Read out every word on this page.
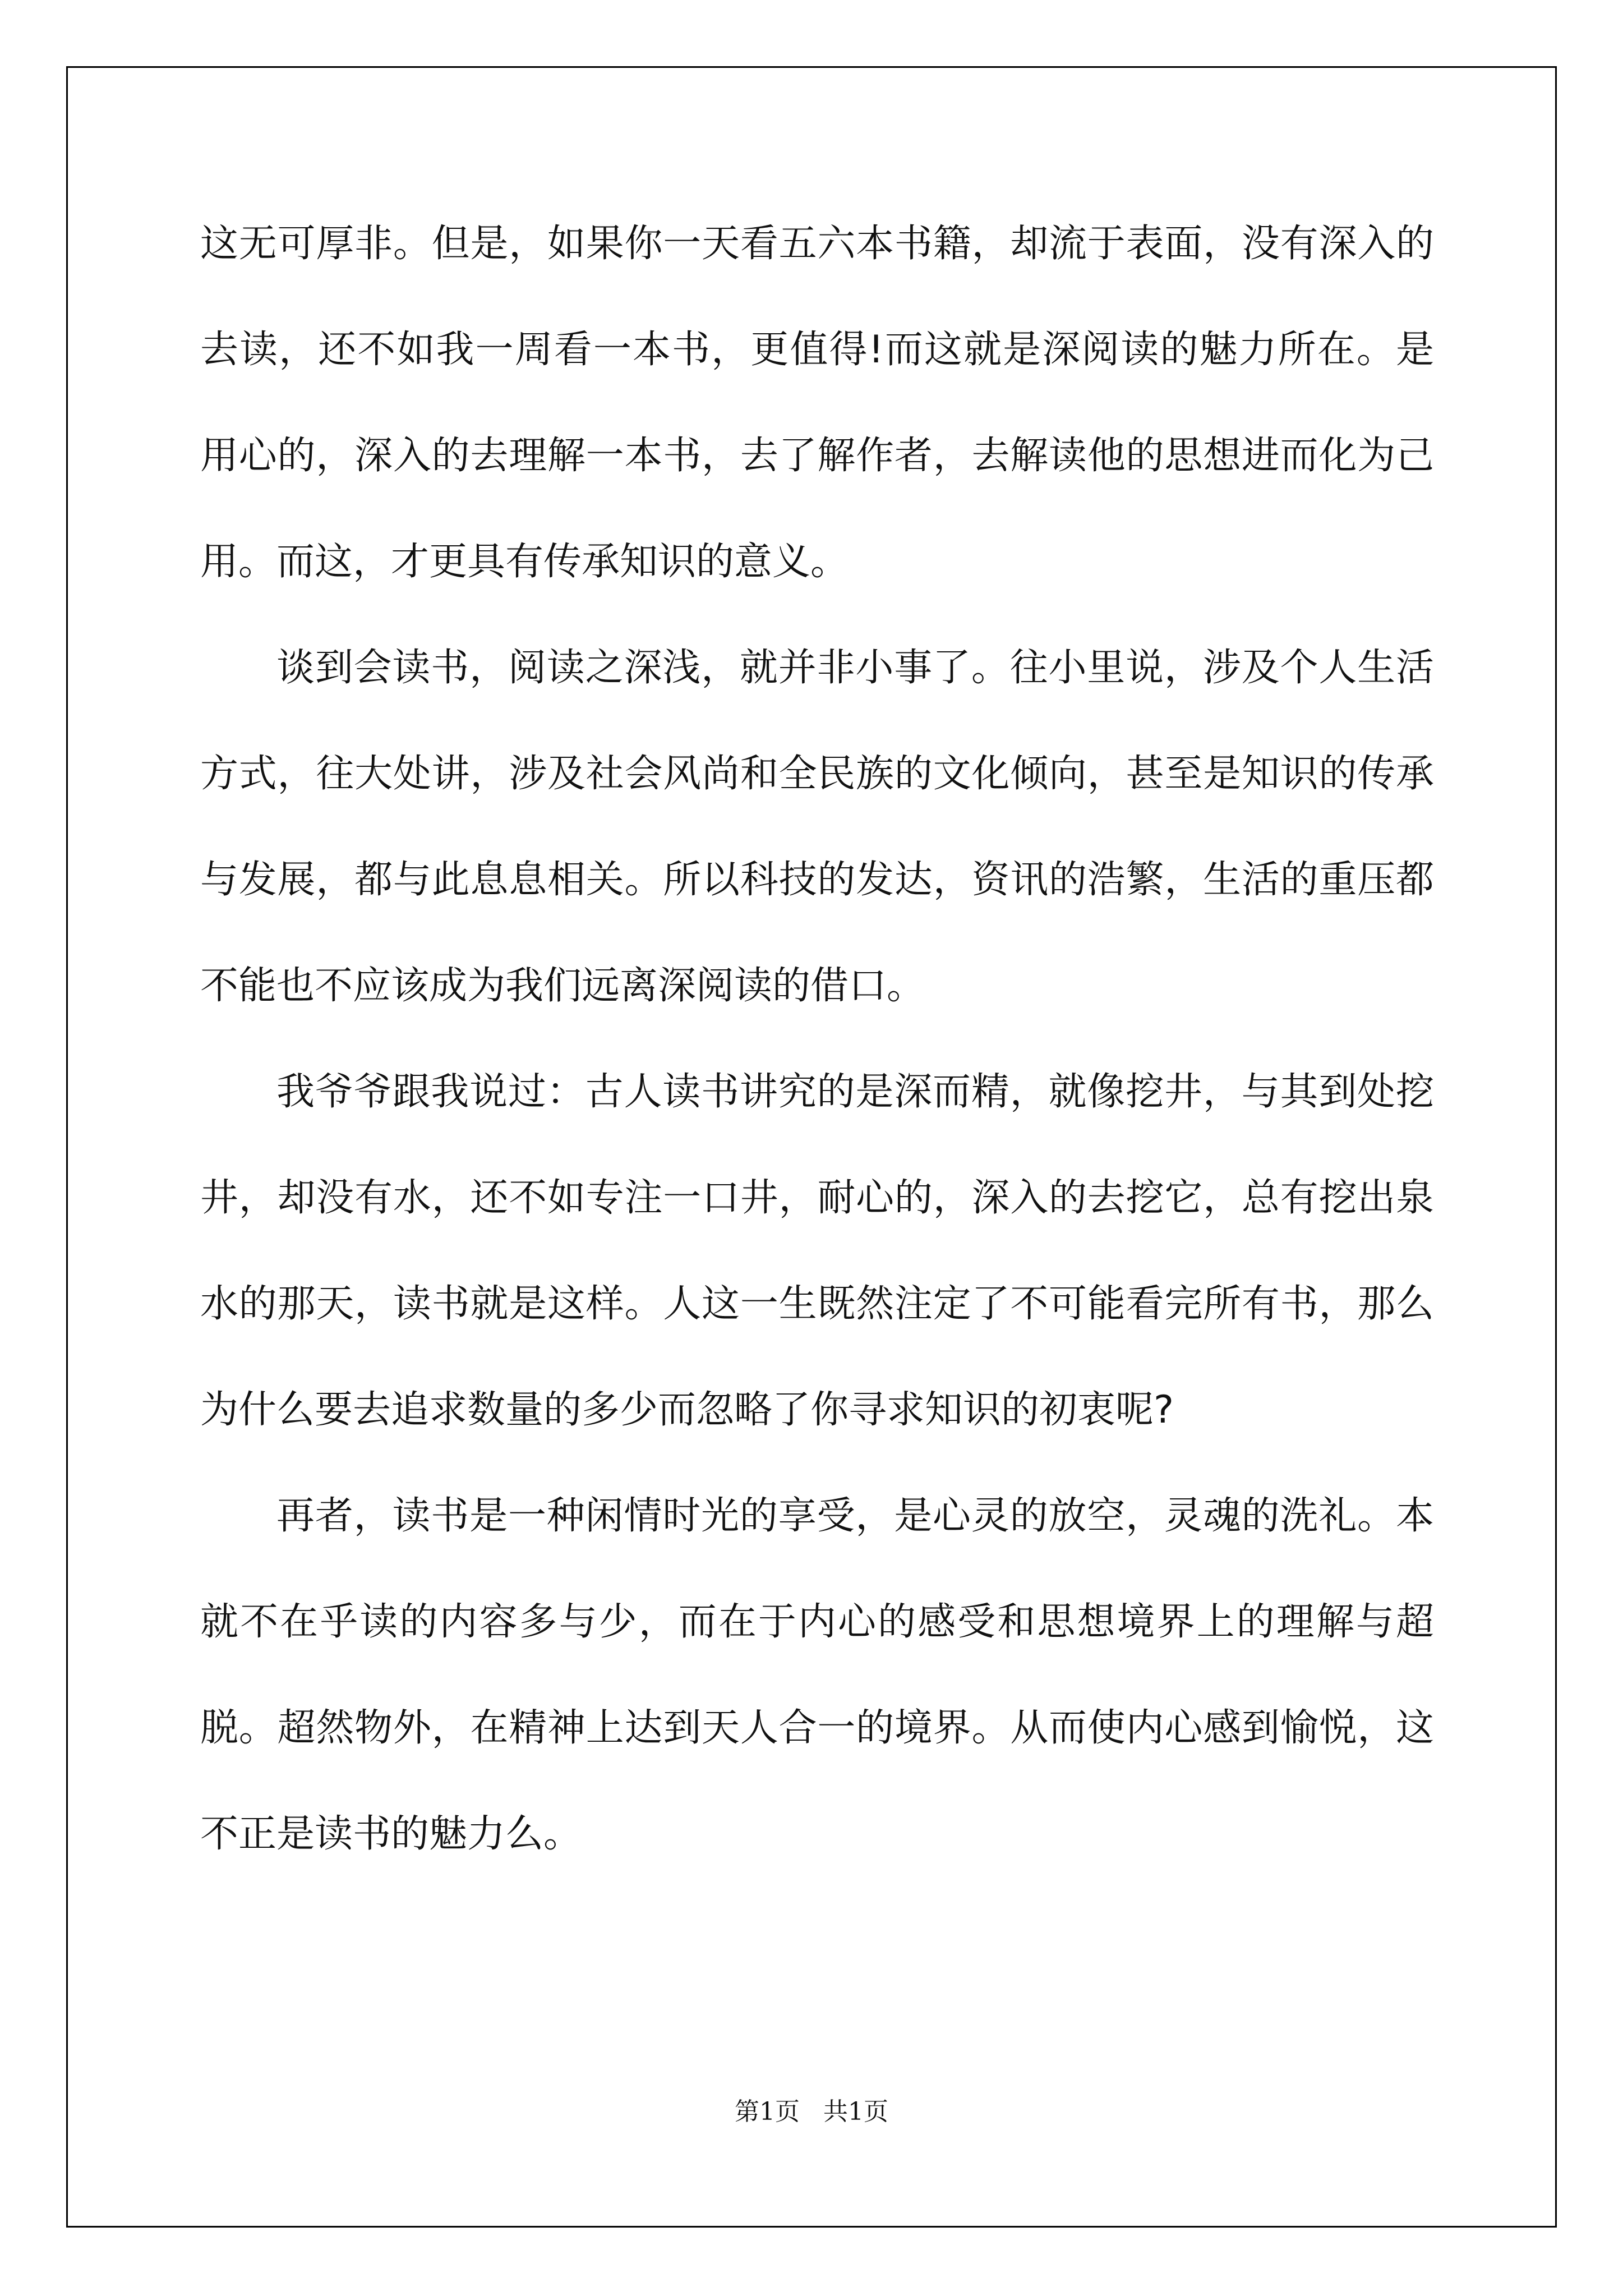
这无可厚非。但是，如果你一天看五六本书籍，却流于表面，没有深入的去读，还不如我一周看一本书，更值得!而这就是深阅读的魅力所在。是用心的，深入的去理解一本书，去了解作者，去解读他的思想进而化为己用。而这，才更具有传承知识的意义。

谈到会读书，阅读之深浅，就并非小事了。往小里说，涉及个人生活方式，往大处讲，涉及社会风尚和全民族的文化倾向，甚至是知识的传承与发展，都与此息息相关。所以科技的发达，资讯的浩繁，生活的重压都不能也不应该成为我们远离深阅读的借口。

我爷爷跟我说过：古人读书讲究的是深而精，就像挖井，与其到处挖井，却没有水，还不如专注一口井，耐心的，深入的去挖它，总有挖出泉水的那天，读书就是这样。人这一生既然注定了不可能看完所有书，那么为什么要去追求数量的多少而忽略了你寻求知识的初衷呢?

再者，读书是一种闲情时光的享受，是心灵的放空，灵魂的洗礼。本就不在乎读的内容多与少，而在于内心的感受和思想境界上的理解与超脱。超然物外，在精神上达到天人合一的境界。从而使内心感到愉悦，这不正是读书的魅力么。

第1页   共1页
